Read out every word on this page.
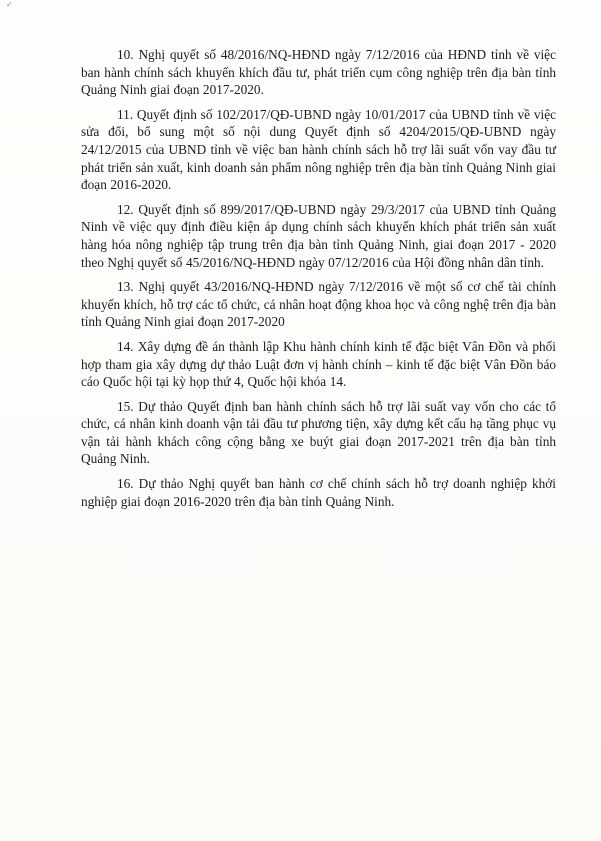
✓

10. Nghị quyết số 48/2016/NQ-HĐND ngày 7/12/2016 của HĐND tỉnh về việc ban hành chính sách khuyến khích đầu tư, phát triển cụm công nghiệp trên địa bàn tỉnh Quảng Ninh giai đoạn 2017-2020.

11. Quyết định số 102/2017/QĐ-UBND ngày 10/01/2017 của UBND tỉnh về việc sửa đổi, bổ sung một số nội dung Quyết định số 4204/2015/QĐ-UBND ngày 24/12/2015 của UBND tỉnh về việc ban hành chính sách hỗ trợ lãi suất vốn vay đầu tư phát triển sản xuất, kinh doanh sản phẩm nông nghiệp trên địa bàn tỉnh Quảng Ninh giai đoạn 2016-2020.

12. Quyết định số 899/2017/QĐ-UBND ngày 29/3/2017 của UBND tỉnh Quảng Ninh về việc quy định điều kiện áp dụng chính sách khuyến khích phát triển sản xuất hàng hóa nông nghiệp tập trung trên địa bàn tỉnh Quảng Ninh, giai đoạn 2017 - 2020 theo Nghị quyết số 45/2016/NQ-HĐND ngày 07/12/2016 của Hội đồng nhân dân tỉnh.

13. Nghị quyết 43/2016/NQ-HĐND ngày 7/12/2016 về một số cơ chế tài chính khuyến khích, hỗ trợ các tổ chức, cá nhân hoạt động khoa học và công nghệ trên địa bàn tỉnh Quảng Ninh giai đoạn 2017-2020

14. Xây dựng đề án thành lập Khu hành chính kinh tế đặc biệt Vân Đồn và phối hợp tham gia xây dựng dự thảo Luật đơn vị hành chính – kinh tế đặc biệt Vân Đồn báo cáo Quốc hội tại kỳ họp thứ 4, Quốc hội khóa 14.

15. Dự thảo Quyết định ban hành chính sách hỗ trợ lãi suất vay vốn cho các tổ chức, cá nhân kinh doanh vận tải đầu tư phương tiện, xây dựng kết cấu hạ tầng phục vụ vận tải hành khách công cộng bằng xe buýt giai đoạn 2017-2021 trên địa bàn tỉnh Quảng Ninh.

16. Dự thảo Nghị quyết ban hành cơ chế chính sách hỗ trợ doanh nghiệp khởi nghiệp giai đoạn 2016-2020 trên địa bàn tỉnh Quảng Ninh.
